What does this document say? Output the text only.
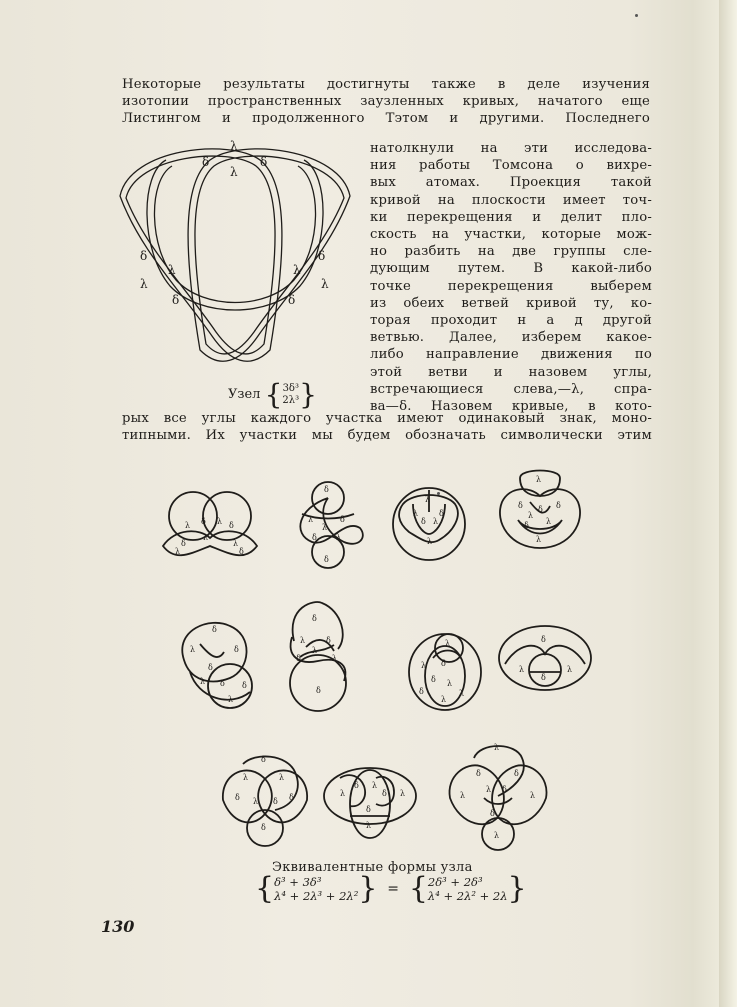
Некоторые результаты достигнуты также в деле изучения
изотопии пространственных заузленных кривых, начатого еще
Листингом и продолженного Тэтом и другими. Последнего
λ
δ	δ
λ
δ	δ
λ	λ
λ	λ
δ	δ
Узел {3δ³
2λ³}
натолкнули на эти исследова-
ния работы Томсона о вихре-
вых атомах. Проекция такой
кривой на плоскости имеет точ-
ки перекрещения и делит пло-
скость на участки, которые мож-
но разбить на две группы сле-
дующим путем. В какой-либо
точке перекрещения выберем
из обеих ветвей кривой ту, ко-
торая проходит н а д другой
ветвью. Далее, изберем какое-
либо направление движения по
этой ветви и назовем углы,
встречающиеся слева,—λ, спра-
ва—δ. Назовем кривые, в кото-
рых все углы каждого участка имеют одинаковый знак, моно-
типными. Их участки мы будем обозначать символически этим
λ δ λ δ
λ
δ	λ
λ	δ
δ
λ	δ
λ
δ λ
δ
λ
λ	δ
δ λ
λ
λ
δ	δ
λ
δ
λ
δ
λ
δ
λ	δ
δ
λ δ
λ
δ
δ
λ	δ
λ
δ	λ
δ
λ
λ δ
δ λ
δ
λ
λ
δ
λ	λ
δ
δ
λ	λ
δ λ δ δ
δ
λ
δ λ
δ λ
δ
λ
λ
δ	δ
λ
λ δ
λ
δ
λ
Эквивалентные формы узла
{δ³ + 3δ³
λ⁴ + 2λ³ + 2λ²} = {2δ³ + 2δ³
λ⁴ + 2λ² + 2λ}
130
